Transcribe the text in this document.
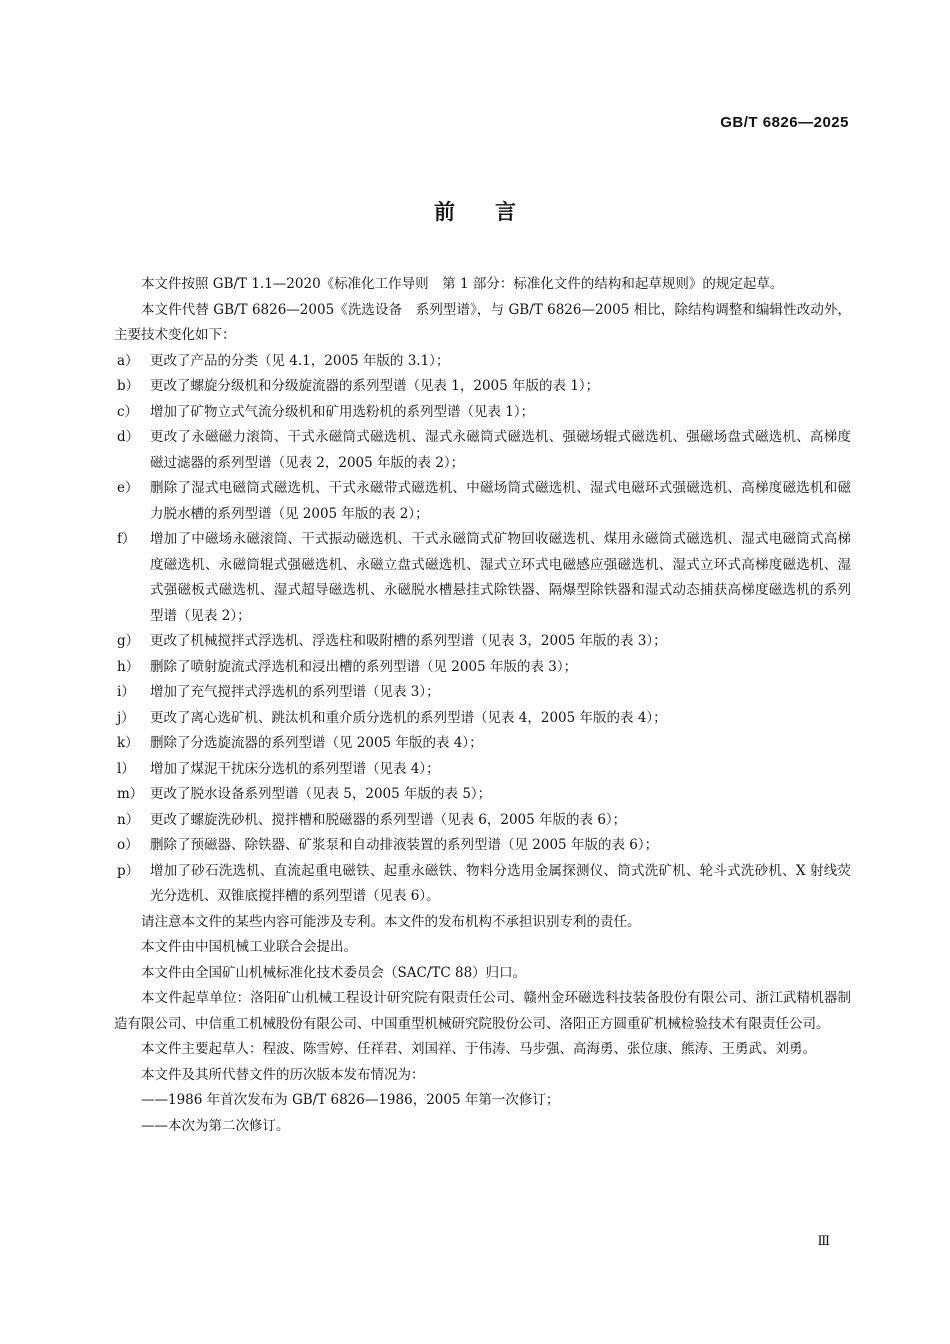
GB/T 6826—2025
前 言

本文件按照 GB/T 1.1—2020《标准化工作导则　第 1 部分：标准化文件的结构和起草规则》的规定起草。

本文件代替 GB/T 6826—2005《洗选设备　系列型谱》，与 GB/T 6826—2005 相比，除结构调整和编辑性改动外，主要技术变化如下：

a） 更改了产品的分类（见 4.1，2005 年版的 3.1）；
b） 更改了螺旋分级机和分级旋流器的系列型谱（见表 1，2005 年版的表 1）；
c） 增加了矿物立式气流分级机和矿用选粉机的系列型谱（见表 1）；
d） 更改了永磁磁力滚筒、干式永磁筒式磁选机、湿式永磁筒式磁选机、强磁场辊式磁选机、强磁场盘式磁选机、高梯度磁过滤器的系列型谱（见表 2，2005 年版的表 2）；
e） 删除了湿式电磁筒式磁选机、干式永磁带式磁选机、中磁场筒式磁选机、湿式电磁环式强磁选机、高梯度磁选机和磁力脱水槽的系列型谱（见 2005 年版的表 2）；
f）	增加了中磁场永磁滚筒、干式振动磁选机、干式永磁筒式矿物回收磁选机、煤用永磁筒式磁选机、湿式电磁筒式高梯度磁选机、永磁筒辊式强磁选机、永磁立盘式磁选机、湿式立环式电磁感应强磁选机、湿式立环式高梯度磁选机、湿式强磁板式磁选机、湿式超导磁选机、永磁脱水槽悬挂式除铁器、隔爆型除铁器和湿式动态捕获高梯度磁选机的系列型谱（见表 2）；
g） 更改了机械搅拌式浮选机、浮选柱和吸附槽的系列型谱（见表 3，2005 年版的表 3）；
h） 删除了喷射旋流式浮选机和浸出槽的系列型谱（见 2005 年版的表 3）；
i）	增加了充气搅拌式浮选机的系列型谱（见表 3）；
j）	更改了离心选矿机、跳汰机和重介质分选机的系列型谱（见表 4，2005 年版的表 4）；
k） 删除了分选旋流器的系列型谱（见 2005 年版的表 4）；
l）	增加了煤泥干扰床分选机的系列型谱（见表 4）；
m） 更改了脱水设备系列型谱（见表 5，2005 年版的表 5）；
n） 更改了螺旋洗砂机、搅拌槽和脱磁器的系列型谱（见表 6，2005 年版的表 6）；
o） 删除了预磁器、除铁器、矿浆泵和自动排液装置的系列型谱（见 2005 年版的表 6）；
p） 增加了砂石洗选机、直流起重电磁铁、起重永磁铁、物料分选用金属探测仪、筒式洗矿机、轮斗式洗砂机、X 射线荧光分选机、双锥底搅拌槽的系列型谱（见表 6）。

请注意本文件的某些内容可能涉及专利。本文件的发布机构不承担识别专利的责任。

本文件由中国机械工业联合会提出。

本文件由全国矿山机械标准化技术委员会（SAC/TC 88）归口。

本文件起草单位：洛阳矿山机械工程设计研究院有限责任公司、赣州金环磁选科技装备股份有限公司、浙江武精机器制造有限公司、中信重工机械股份有限公司、中国重型机械研究院股份公司、洛阳正方圆重矿机械检验技术有限责任公司。

本文件主要起草人：程波、陈雪婷、任祥君、刘国祥、于伟涛、马步强、高海勇、张位康、熊涛、王勇武、刘勇。

本文件及其所代替文件的历次版本发布情况为：

——1986 年首次发布为 GB/T 6826—1986，2005 年第一次修订；

——本次为第二次修订。

Ⅲ
